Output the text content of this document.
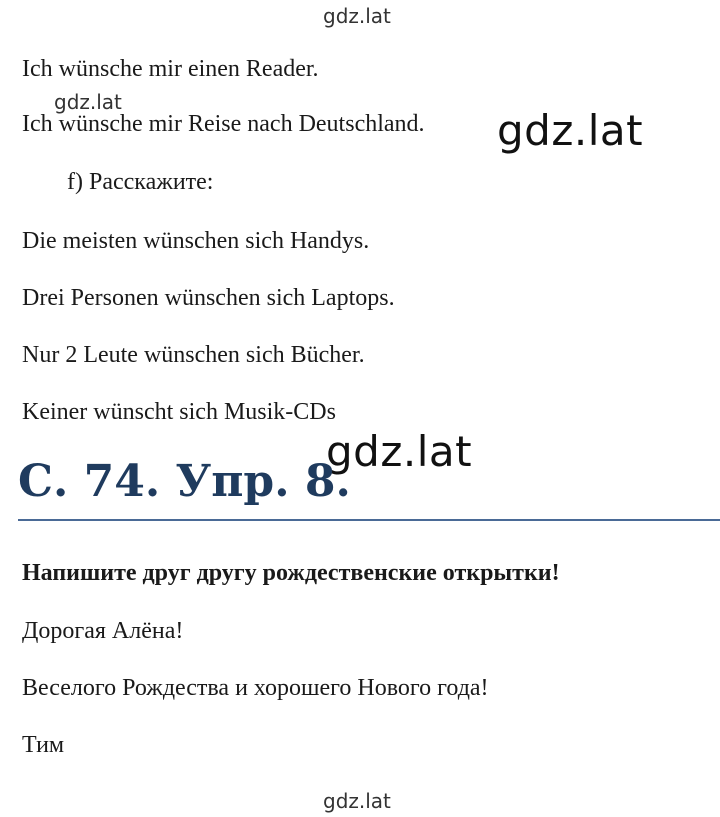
gdz.lat
Ich wünsche mir einen Reader.
gdz.lat
Ich wünsche mir Reise nach Deutschland. gdz.lat
f) Расскажите:
Die meisten wünschen sich Handys.
Drei Personen wünschen sich Laptops.
Nur 2 Leute wünschen sich Bücher.
Keiner wünscht sich Musik-CDs
gdz.lat
С. 74. Упр. 8.
Напишите друг другу рождественские открытки!
Дорогая Алёна!
Веселого Рождества и хорошего Нового года!
Тим
gdz.lat
